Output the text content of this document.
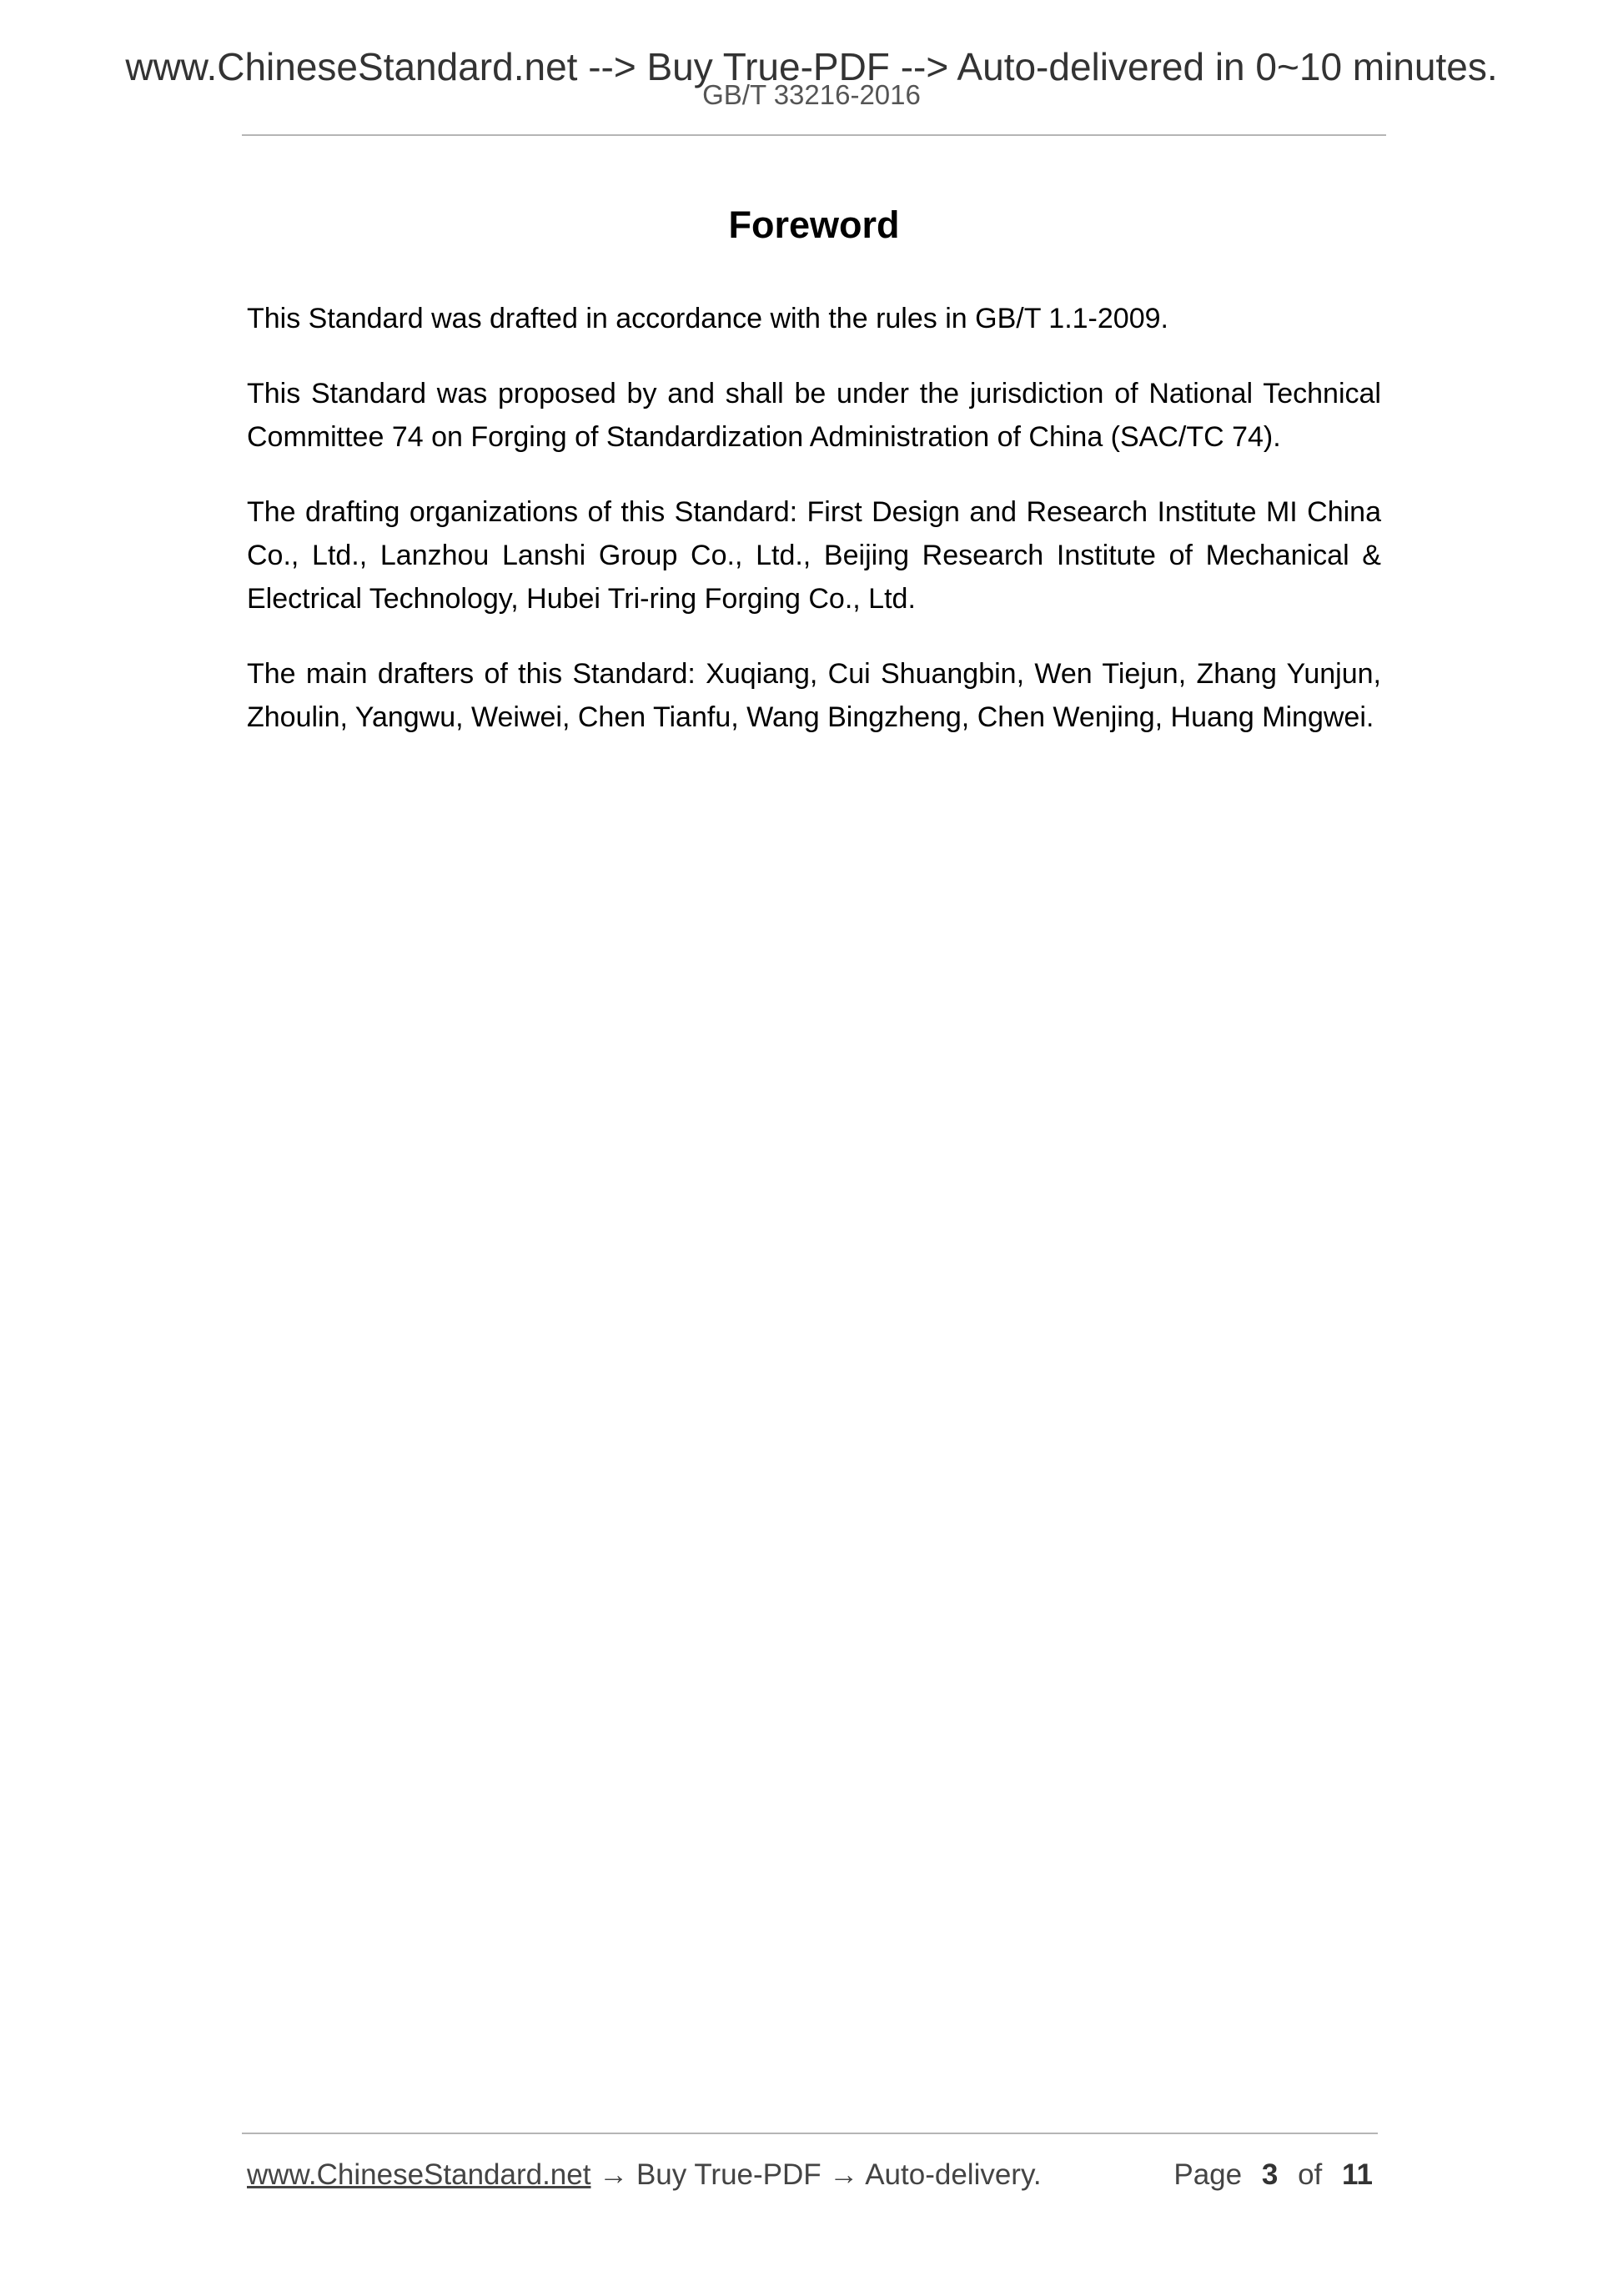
www.ChineseStandard.net --> Buy True-PDF --> Auto-delivered in 0~10 minutes.
GB/T 33216-2016
Foreword

This Standard was drafted in accordance with the rules in GB/T 1.1-2009.

This Standard was proposed by and shall be under the jurisdiction of National Technical Committee 74 on Forging of Standardization Administration of China (SAC/TC 74).

The drafting organizations of this Standard: First Design and Research Institute MI China Co., Ltd., Lanzhou Lanshi Group Co., Ltd., Beijing Research Institute of Mechanical & Electrical Technology, Hubei Tri-ring Forging Co., Ltd.

The main drafters of this Standard: Xuqiang, Cui Shuangbin, Wen Tiejun, Zhang Yunjun, Zhoulin, Yangwu, Weiwei, Chen Tianfu, Wang Bingzheng, Chen Wenjing, Huang Mingwei.

www.ChineseStandard.net → Buy True-PDF → Auto-delivery.	Page 3 of 11
